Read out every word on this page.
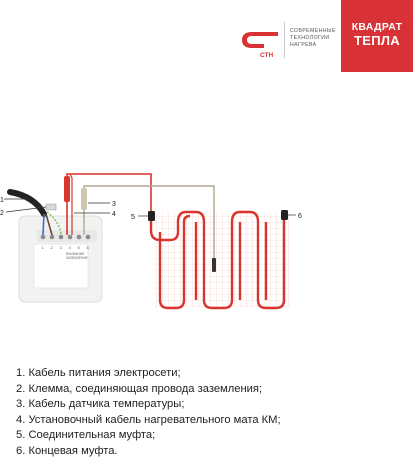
СТН
СОВРЕМЕННЫЕ
ТЕХНОЛОГИИ
НАГРЕВА
КВАДРАТ
ТЕПЛА
1 2 3 4 5 6
ВНИМАНИЕ
ЗАЗЕМЛЕНИЕ
1
2
3
4 5	6
1. Кабель питания электросети;
2. Клемма, соединяющая провода заземления;
3. Кабель датчика температуры;
4. Установочный кабель нагревательного мата КМ;
5. Соединительная муфта;
6. Концевая муфта.
